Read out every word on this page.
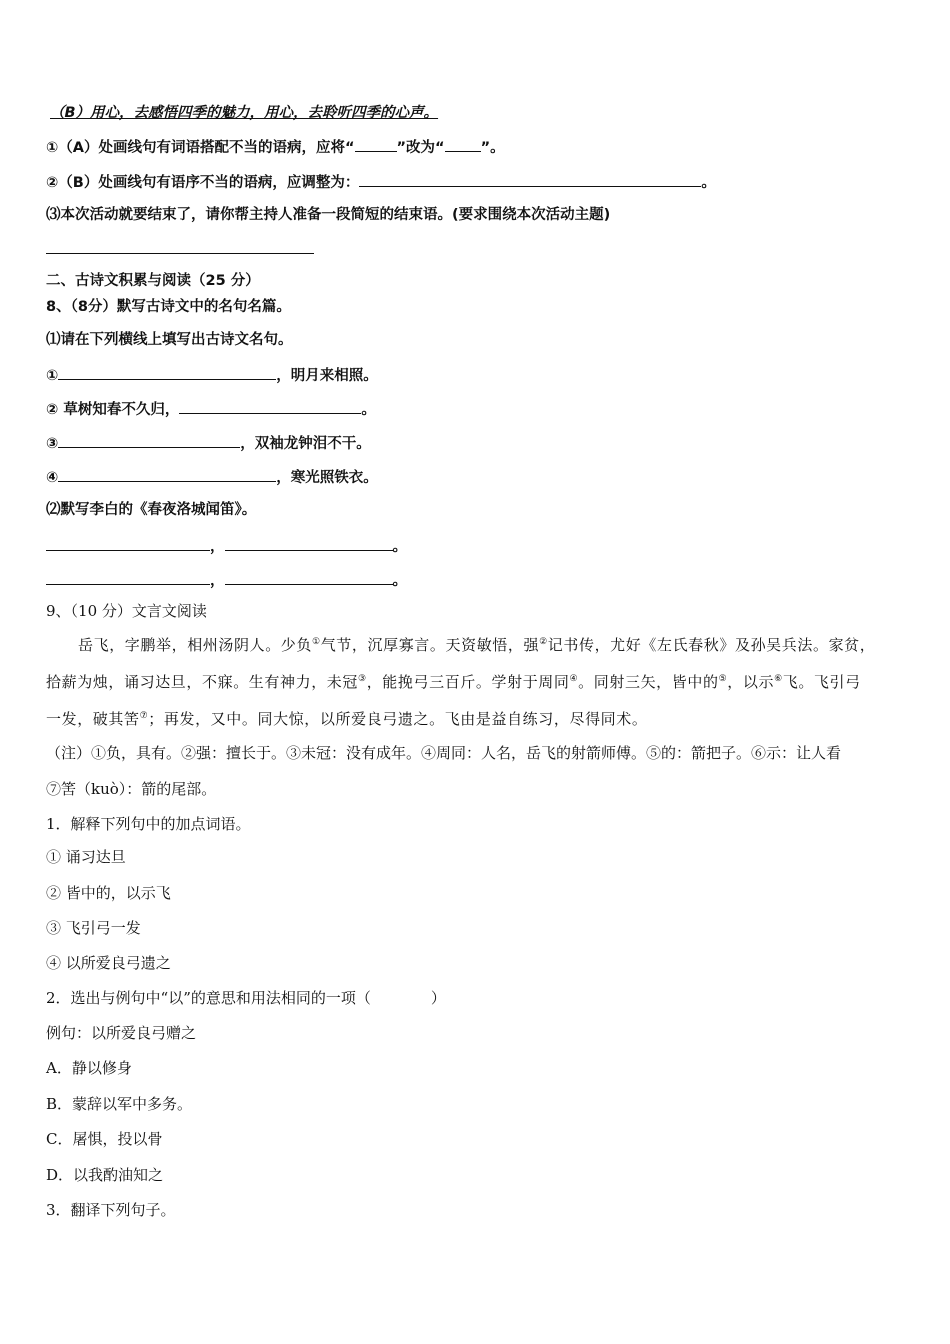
（B）用心，去感悟四季的魅力，用心，去聆听四季的心声。
①（A）处画线句有词语搭配不当的语病，应将“	”改为“ ”。
②（B）处画线句有语序不当的语病，应调整为：	。
⑶本次活动就要结束了，请你帮主持人准备一段简短的结束语。(要求围绕本次活动主题)
二、古诗文积累与阅读（25 分）
8、（8分）默写古诗文中的名句名篇。
⑴请在下列横线上填写出古诗文名句。
①	，明月来相照。
② 草树知春不久归，	。
③	，双袖龙钟泪不干。
④	，寒光照铁衣。
⑵默写李白的《春夜洛城闻笛》。
，	。
，	。
9、（10 分）文言文阅读
岳飞，字鹏举，相州汤阴人。少负①气节，沉厚寡言。天资敏悟，强②记书传，尤好《左氏春秋》及孙吴兵法。家贫，
拾薪为烛，诵习达旦，不寐。生有神力，未冠③，能挽弓三百斤。学射于周同④。同射三矢，皆中的⑤，以示⑥飞。飞引弓
一发，破其筈⑦；再发，又中。同大惊，以所爱良弓遗之。飞由是益自练习，尽得同术。
（注）①负，具有。②强：擅长于。③未冠：没有成年。④周同：人名，岳飞的射箭师傅。⑤的：箭把子。⑥示：让人看
⑦筈（kuò）：箭的尾部。
1．解释下列句中的加点词语。
① 诵习达旦
② 皆中的，以示飞
③ 飞引弓一发
④ 以所爱良弓遗之
2．选出与例句中“以”的意思和用法相同的一项（　　　　）
例句：以所爱良弓赠之
A．静以修身
B．蒙辞以军中多务。
C．屠惧，投以骨
D．以我酌油知之
3．翻译下列句子。
